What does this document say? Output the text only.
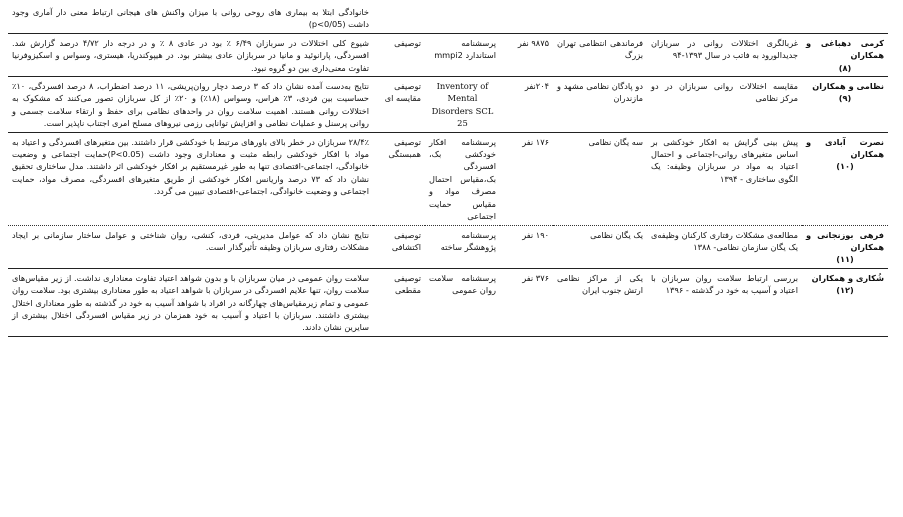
						خانوادگی ابتلا به بیماری های روحی روانی با میزان واکنش های هیجانی ارتباط معنی دار آماری وجود داشت (p<0/05)

کرمی دهباغی و همکاران
(۸)	غربالگری اختلالات روانی در سربازان جدیدالورود به فاتب در سال ۱۳۹۳-۹۴	فرماندهی انتظامی تهران بزرگ	۹۸۷۵ نفر	پرسشنامه استاندارد mmpi2	توصیفی	شیوع کلی اختلالات در سربازان ۶/۴۹ ٪ بود در عادی ۸ ٪ و در درجه دار ۴/۷۲ درصد گزارش شد. افسردگی، پارانوئید و مانیا در سربازان عادی بیشتر بود. در هیپوکندریا، هیستری، وسواس و اسکیزوفرنیا تفاوت معنی‌داری بین دو گروه نبود.

نظامی و همکاران
(۹)	مقایسه اختلالات روانی سربازان در دو مرکز نظامی	دو پادگان نظامی مشهد و مازندران	۲۰۴نفر	Inventory of Mental Disorders SCL 25	توصیفی مقایسه ای	نتایج به‌دست آمده نشان داد که ۳ درصد دچار روان‌پریشی، ۱۱ درصد اضطراب، ۸ درصد افسردگی، ۱۰٪ حساسیت بین فردی، ۳٪ هراس، وسواس (۱۸٪) و ۲۰٪ از کل سربازان تصور می‌کنند که مشکوک به اختلالات روانی هستند. اهمیت سلامت روان در واحدهای نظامی برای حفظ و ارتقاء سلامت جسمی و روانی پرسنل و عملیات نظامی و افزایش توانایی رزمی نیروهای مسلح امری اجتناب ناپذیر است.

نصرت آبادی و همکاران
(۱۰)	پیش بینی گرایش به افکار خودکشی بر اساس متغیرهای روانی-اجتماعی و احتمال اعتیاد به مواد در سربازان وظیفه: یک الگوی ساختاری - ۱۳۹۴	سه یگان نظامی	۱۷۶ نفر	پرسشنامه افکار خودکشی بک، افسردگی بک،مقیاس احتمال مصرف مواد و مقیاس حمایت اجتماعی	توصیفی همبستگی	۲۸/۴٪ سربازان در خطر بالای باورهای مرتبط با خودکشی قرار داشتند. بین متغیرهای افسردگی و اعتیاد به مواد با افکار خودکشی رابطه مثبت و معناداری وجود داشت (P<0.05)حمایت اجتماعی و وضعیت خانوادگی، اجتماعی-اقتصادی تنها به طور غیرمستقیم بر افکار خودکشی اثر داشتند. مدل ساختاری تحقیق نشان داد که ۷۳ درصد واریانس افکار خودکشی از طریق متغیرهای افسردگی، مصرف مواد، حمایت اجتماعی و وضعیت خانوادگی، اجتماعی-اقتصادی تبیین می گردد.

فرهی بوزنجانی و همکاران
(۱۱)	مطالعه‌ی مشکلات رفتاری کارکنان وظیفه‌ی یک یگان سازمان نظامی- ۱۳۸۸	یک یگان نظامی	۱۹۰ نفر	پرسشنامه پژوهشگر ساخته	توصیفی اکتشافی	نتایج نشان داد که عوامل مدیریتی، فردی، کنشی، روان شناختی و عوامل ساختار سازمانی بر ایجاد مشکلات رفتاری سربازان وظیفه تأثیرگذار است.

شُکاری و همکاران
(۱۲)	بررسی ارتباط سلامت روان سربازان با اعتیاد و آسیب به خود در گذشته - ۱۳۹۶	یکی از مراکز نظامی ارتش جنوب ایران	۳۷۶ نفر	پرسشنامه سلامت روان عمومی	توصیفی مقطعی	سلامت روان عمومی در میان سربازان با و بدون شواهد اعتیاد تفاوت معناداری نداشت. از زیر مقیاس‌های سلامت روان، تنها علایم افسردگی در سربازان با شواهد اعتیاد به طور معناداری بیشتری بود. سلامت روان عمومی و تمام زیرمقیاس‌های چهارگانه در افراد با شواهد آسیب به خود در گذشته به طور معناداری اختلال بیشتری داشتند. سربازان با اعتیاد و آسیب به خود همزمان در زیر مقیاس افسردگی اختلال بیشتری از سایرین نشان دادند.
